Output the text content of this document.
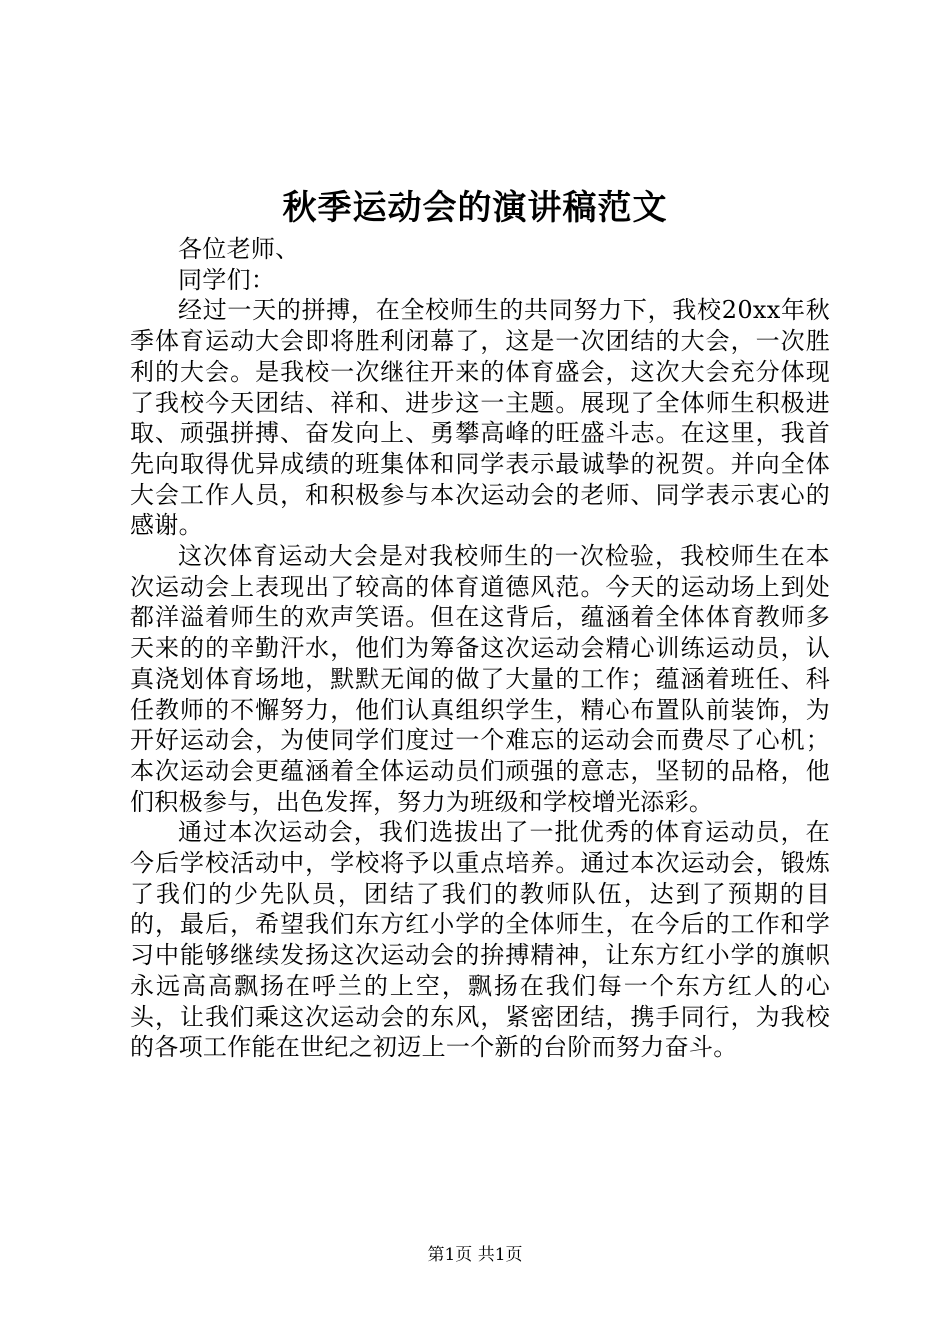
秋季运动会的演讲稿范文

各位老师、

同学们：

经过一天的拼搏，在全校师生的共同努力下，我校20xx年秋季体育运动大会即将胜利闭幕了，这是一次团结的大会，一次胜利的大会。是我校一次继往开来的体育盛会，这次大会充分体现了我校今天团结、祥和、进步这一主题。展现了全体师生积极进取、顽强拼搏、奋发向上、勇攀高峰的旺盛斗志。在这里，我首先向取得优异成绩的班集体和同学表示最诚挚的祝贺。并向全体大会工作人员，和积极参与本次运动会的老师、同学表示衷心的感谢。

这次体育运动大会是对我校师生的一次检验，我校师生在本次运动会上表现出了较高的体育道德风范。今天的运动场上到处都洋溢着师生的欢声笑语。但在这背后，蕴涵着全体体育教师多天来的的辛勤汗水，他们为筹备这次运动会精心训练运动员，认真浇划体育场地，默默无闻的做了大量的工作；蕴涵着班任、科任教师的不懈努力，他们认真组织学生，精心布置队前装饰，为开好运动会，为使同学们度过一个难忘的运动会而费尽了心机；本次运动会更蕴涵着全体运动员们顽强的意志，坚韧的品格，他们积极参与，出色发挥，努力为班级和学校增光添彩。

通过本次运动会，我们选拔出了一批优秀的体育运动员，在今后学校活动中，学校将予以重点培养。通过本次运动会，锻炼了我们的少先队员，团结了我们的教师队伍，达到了预期的目的，最后，希望我们东方红小学的全体师生，在今后的工作和学习中能够继续发扬这次运动会的拚搏精神，让东方红小学的旗帜永远高高飘扬在呼兰的上空，飘扬在我们每一个东方红人的心头，让我们乘这次运动会的东风，紧密团结，携手同行，为我校的各项工作能在世纪之初迈上一个新的台阶而努力奋斗。

第1页 共1页
